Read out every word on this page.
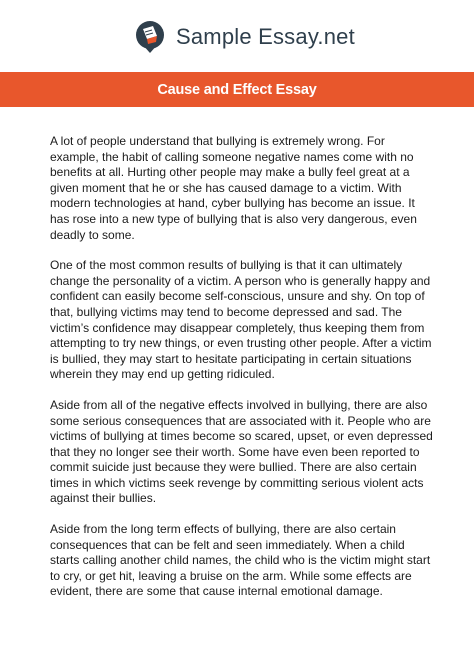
Sample Essay.net
Cause and Effect Essay

A lot of people understand that bullying is extremely wrong. For example, the habit of calling someone negative names come with no benefits at all. Hurting other people may make a bully feel great at a given moment that he or she has caused damage to a victim. With modern technologies at hand, cyber bullying has become an issue. It has rose into a new type of bullying that is also very dangerous, even deadly to some.

One of the most common results of bullying is that it can ultimately change the personality of a victim. A person who is generally happy and confident can easily become self-conscious, unsure and shy. On top of that, bullying victims may tend to become depressed and sad. The victim’s confidence may disappear completely, thus keeping them from attempting to try new things, or even trusting other people. After a victim is bullied, they may start to hesitate participating in certain situations wherein they may end up getting ridiculed.

Aside from all of the negative effects involved in bullying, there are also some serious consequences that are associated with it. People who are victims of bullying at times become so scared, upset, or even depressed that they no longer see their worth. Some have even been reported to commit suicide just because they were bullied. There are also certain times in which victims seek revenge by committing serious violent acts against their bullies.

Aside from the long term effects of bullying, there are also certain consequences that can be felt and seen immediately. When a child starts calling another child names, the child who is the victim might start to cry, or get hit, leaving a bruise on the arm. While some effects are evident, there are some that cause internal emotional damage.
